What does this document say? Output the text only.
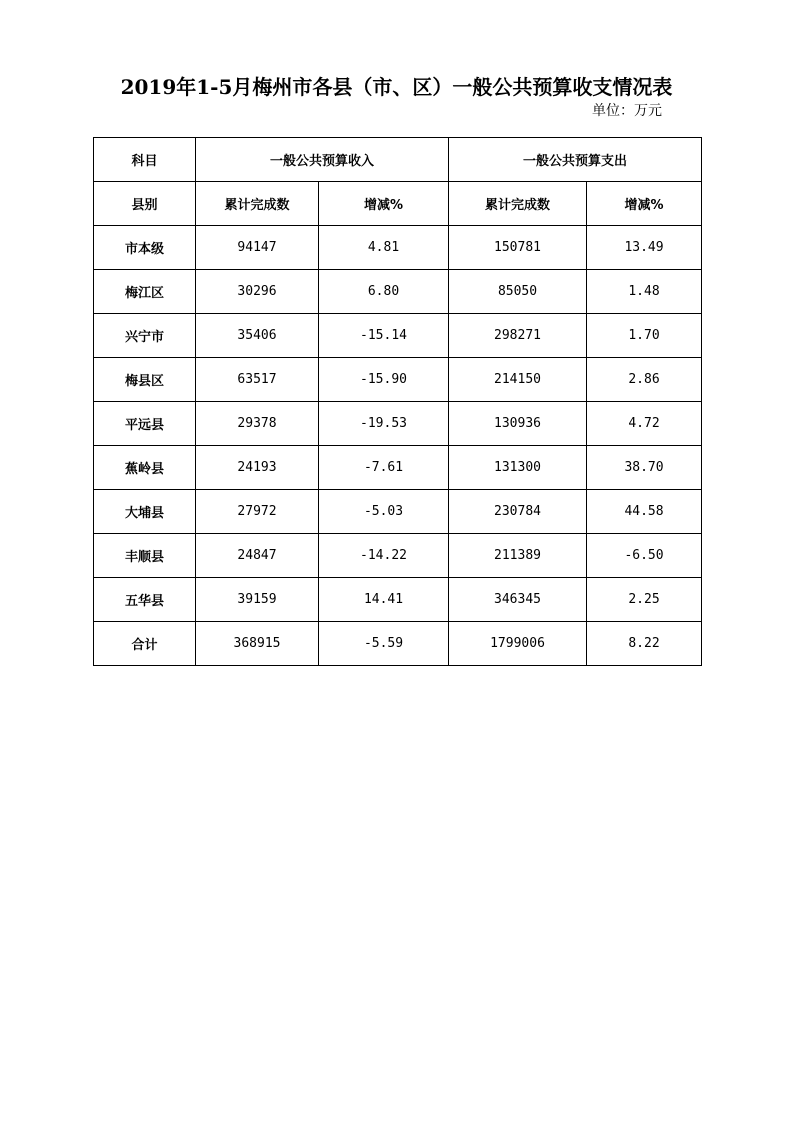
2019年1-5月梅州市各县（市、区）一般公共预算收支情况表
单位：万元
科目	一般公共预算收入		一般公共预算支出	
县别	累计完成数	增减%	累计完成数	增减%
市本级	94147	4.81	150781	13.49
梅江区	30296	6.80	85050	1.48
兴宁市	35406	-15.14	298271	1.70
梅县区	63517	-15.90	214150	2.86
平远县	29378	-19.53	130936	4.72
蕉岭县	24193	-7.61	131300	38.70
大埔县	27972	-5.03	230784	44.58
丰顺县	24847	-14.22	211389	-6.50
五华县	39159	14.41	346345	2.25
合计	368915	-5.59	1799006	8.22
